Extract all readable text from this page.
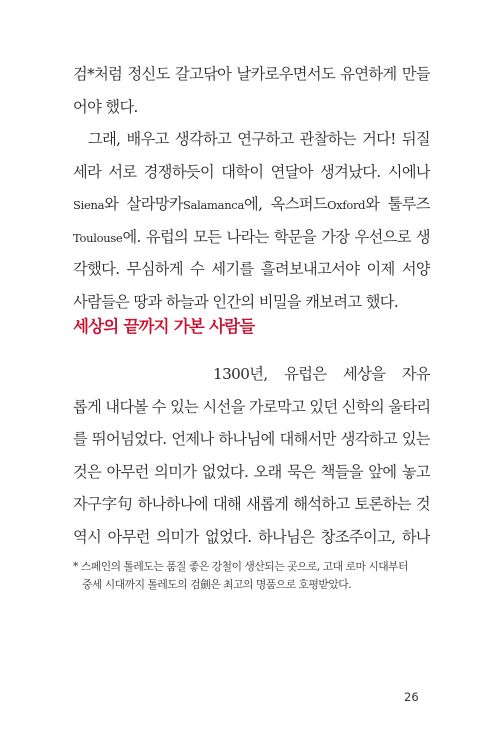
검*처럼 정신도 갈고닦아 날카로우면서도 유연하게 만들
어야 했다.
그래, 배우고 생각하고 연구하고 관찰하는 거다! 뒤질
세라 서로 경쟁하듯이 대학이 연달아 생겨났다. 시에나
Siena와 살라망카Salamanca에, 옥스퍼드Oxford와 툴루즈
Toulouse에. 유럽의 모든 나라는 학문을 가장 우선으로 생
각했다. 무심하게 수 세기를 흘려보내고서야 이제 서양
사람들은 땅과 하늘과 인간의 비밀을 캐보려고 했다.
세상의 끝까지 가본 사람들
1300년, 유럽은 세상을 자유
롭게 내다볼 수 있는 시선을 가로막고 있던 신학의 울타리
를 뛰어넘었다. 언제나 하나님에 대해서만 생각하고 있는
것은 아무런 의미가 없었다. 오래 묵은 책들을 앞에 놓고
자구字句 하나하나에 대해 새롭게 해석하고 토론하는 것
역시 아무런 의미가 없었다. 하나님은 창조주이고, 하나
* 스페인의 톨레도는 품질 좋은 강철이 생산되는 곳으로, 고대 로마 시대부터
중세 시대까지 톨레도의 검劍은 최고의 명품으로 호평받았다.
26
